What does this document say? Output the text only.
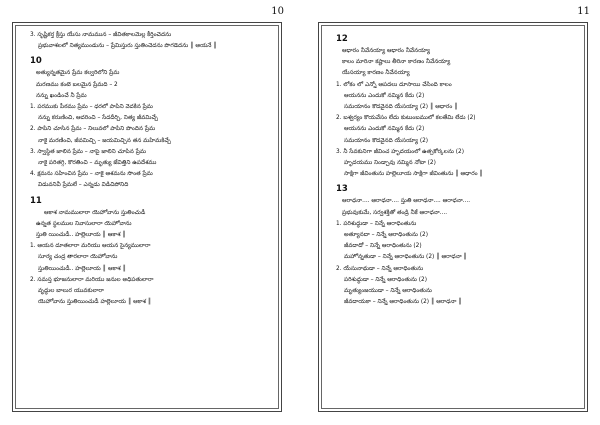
10
3. సృష్టికర్త క్రీస్తు యేసు నామమున – జీవితకాలమెల్ల కీర్తించెదను
ప్రభువాశలలో నిత్యముండును – ప్రేమిస్తురు స్తుతించెదను పొగడెదను ║ ఆయనే ║
10
అత్యున్నతమైన ప్రేమ కల్వరిలోని ప్రేమ
మరణము కంటె బలమైన ప్రేమది – 2
నన్ను ఖండించే నీ ప్రేమ
1. పరముకు పీఠము ప్రేమ – ధరలో పాపిని వెదకిన ప్రేమ
నన్ను కరుణించి, ఆదరించి – సేదదీర్చి, నిత్య జీవమిచ్చే
2. పాపిని చూసిన ప్రేమ – నిలువలో పాపిని పొందిన ప్రేమ
నాకై మరణించి, జీవమిచ్చి – జయమిచ్చిన తన మహిమకిచ్చే
3. స్వాస్థిత జాలిన ప్రేమ – నాపై జాలిని చూపిన ప్రేమ
నాకై పరితగ్గి, కొరతించి – మృత్యు జేవిత్తిని ఉపదేశము
4. క్షమను సహించిన ప్రేమ – నాకై ఆశమను సొంత ప్రేమ
విడువనివీ ప్రేమలే – ఎన్నడు విడిచిపోనిది
11
ఆకాశ నామములారా యెహోవాను స్తుతించుడీ
ఉన్నత స్థలముల నివాసులారా యెహోవాను
స్తుతి యించుడీ.. హల్లెలూయ ║ ఆకాశ ║
1. ఆయన దూతలారా మరియు ఆయన సైన్యములారా
సూర్య చంద్ర తారలారా యెహోవాను
స్తుతియించుడీ.. హల్లెలూయ ║ ఆకాశ ║
2. సమస్త భూజనులారా మరియు జనుల అధిపతులారా
వృద్ధుల బాలుర యువకులారా
యెహోవాను స్తుతియించుడీ హల్లెలూయ ║ ఆకాశ ║
11
12
ఆధారం నీవేనయ్యా ఆధారం నీవేనయ్యా
కాలం మారినా కష్టాలు తీరినా కారణం నీవేనయ్యా
యేసయ్యా కారణం నీవేనయ్యా
1. లోకం లో ఎన్నో ఆపదలు దూసాయి చేసింది కాలం
ఆయనను ఎందుకో నమ్మిన కేదు (2)
సమయానం కొదవైనది యేసయ్యా (2) ║ ఆధారం ║
2. బశ్వర్యం కొయవేసం లేదు కుటుంబములో కలతేమి లేదు (2)
ఆయనను ఎందుకో నమ్మిన కేదు (2)
సమయానం కొదవైనది యేసయ్యా (2)
3. నీ సేవకునిగా జీవించ హృదయంలో ఉత్సకోర్కలను (2)
హృదయము నిండ్చావు నమ్మిన నోటా (2)
సాక్షిగా జీవింతును హల్లెలూయ సాక్షిగా జీవింతును ║ ఆధారం ║
13
ఆరాధనా.... ఆరాధనా.... స్తుతి ఆరాధనా.... ఆరాధనా....
ప్రభువుకుమే, సర్వశక్తితో తండ్రి నీకే ఆరాధనా....
1. పరిశుద్ధుడా – నిన్నే ఆరాధింతును
అత్యూనదా – నిన్నే ఆరాధింతును (2)
జీవదాదో – నిన్నే ఆరాధింతును (2)
మహోన్నతుడా – నిన్నే ఆరాధింతును (2) ║ ఆరాధనా ║
2. యేసునాథుడా – నిన్నే ఆరాధింతును
పరిశుద్ధుడా – నిన్నే ఆరాధింతును (2)
మృత్యుంజయుడా – నిన్నే ఆరాధింతును
జీవదాయకా – నిన్నే ఆరాధింతును (2) ║ ఆరాధనా ║
